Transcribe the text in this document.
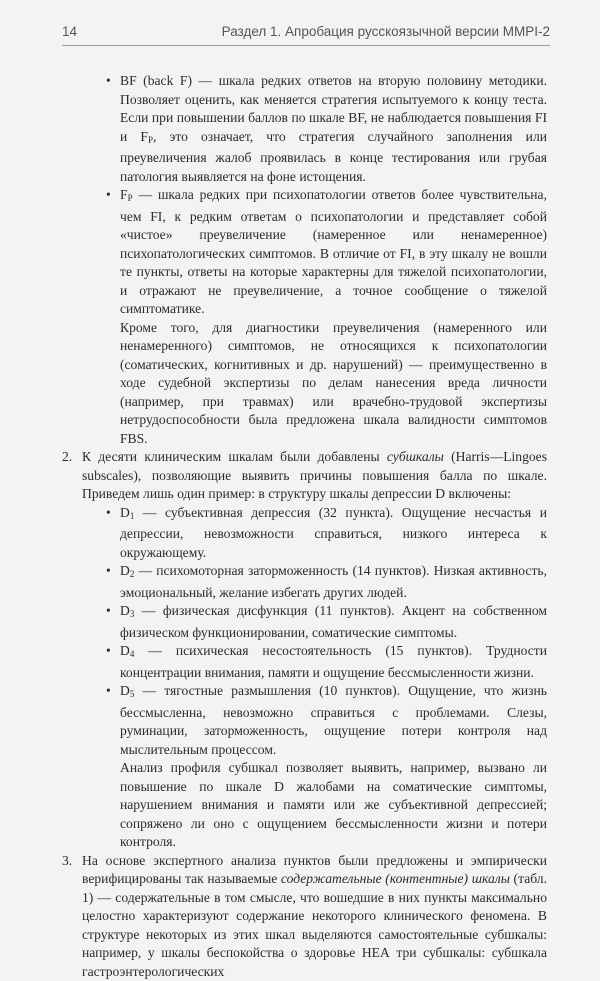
14	Раздел 1. Апробация русскоязычной версии MMPI-2
• BF (back F) — шкала редких ответов на вторую половину методики. Позволяет оценить, как меняется стратегия испытуемого к концу теста. Если при повышении баллов по шкале BF, не наблюдается повышения FI и $F_P$, это означает, что стратегия случайного заполнения или преувеличения жалоб проявилась в конце тестирования или грубая патология выявляется на фоне истощения.
• $F_P$ — шкала редких при психопатологии ответов более чувствительна, чем FI, к редким ответам о психопатологии и представляет собой «чистое» преувеличение (намеренное или ненамеренное) психопатологических симптомов. В отличие от FI, в эту шкалу не вошли те пункты, ответы на которые характерны для тяжелой психопатологии, и отражают не преувеличение, а точное сообщение о тяжелой симптоматике.
Кроме того, для диагностики преувеличения (намеренного или ненамеренного) симптомов, не относящихся к психопатологии (соматических, когнитивных и др. нарушений) — преимущественно в ходе судебной экспертизы по делам нанесения вреда личности (например, при травмах) или врачебно-трудовой экспертизы нетрудоспособности была предложена шкала валидности симптомов FBS.
2. К десяти клиническим шкалам были добавлены субшкалы (Harris—Lingoes subscales), позволяющие выявить причины повышения балла по шкале. Приведем лишь один пример: в структуру шкалы депрессии D включены:
• $D_1$ — субъективная депрессия (32 пункта). Ощущение несчастья и депрессии, невозможности справиться, низкого интереса к окружающему.
• $D_2$ — психомоторная заторможенность (14 пунктов). Низкая активность, эмоциональный, желание избегать других людей.
• $D_3$ — физическая дисфункция (11 пунктов). Акцент на собственном физическом функционировании, соматические симптомы.
• $D_4$ — психическая несостоятельность (15 пунктов). Трудности концентрации внимания, памяти и ощущение бессмысленности жизни.
• $D_5$ — тягостные размышления (10 пунктов). Ощущение, что жизнь бессмысленна, невозможно справиться с проблемами. Слезы, руминации, заторможенность, ощущение потери контроля над мыслительным процессом.
Анализ профиля субшкал позволяет выявить, например, вызвано ли повышение по шкале D жалобами на соматические симптомы, нарушением внимания и памяти или же субъективной депрессией; сопряжено ли оно с ощущением бессмысленности жизни и потери контроля.
3. На основе экспертного анализа пунктов были предложены и эмпирически верифицированы так называемые содержательные (контентные) шкалы (табл. 1) — содержательные в том смысле, что вошедшие в них пункты максимально целостно характеризуют содержание некоторого клинического феномена. В структуре некоторых из этих шкал выделяются самостоятельные субшкалы: например, у шкалы беспокойства о здоровье НЕА три субшкалы: субшкала гастроэнтерологических
